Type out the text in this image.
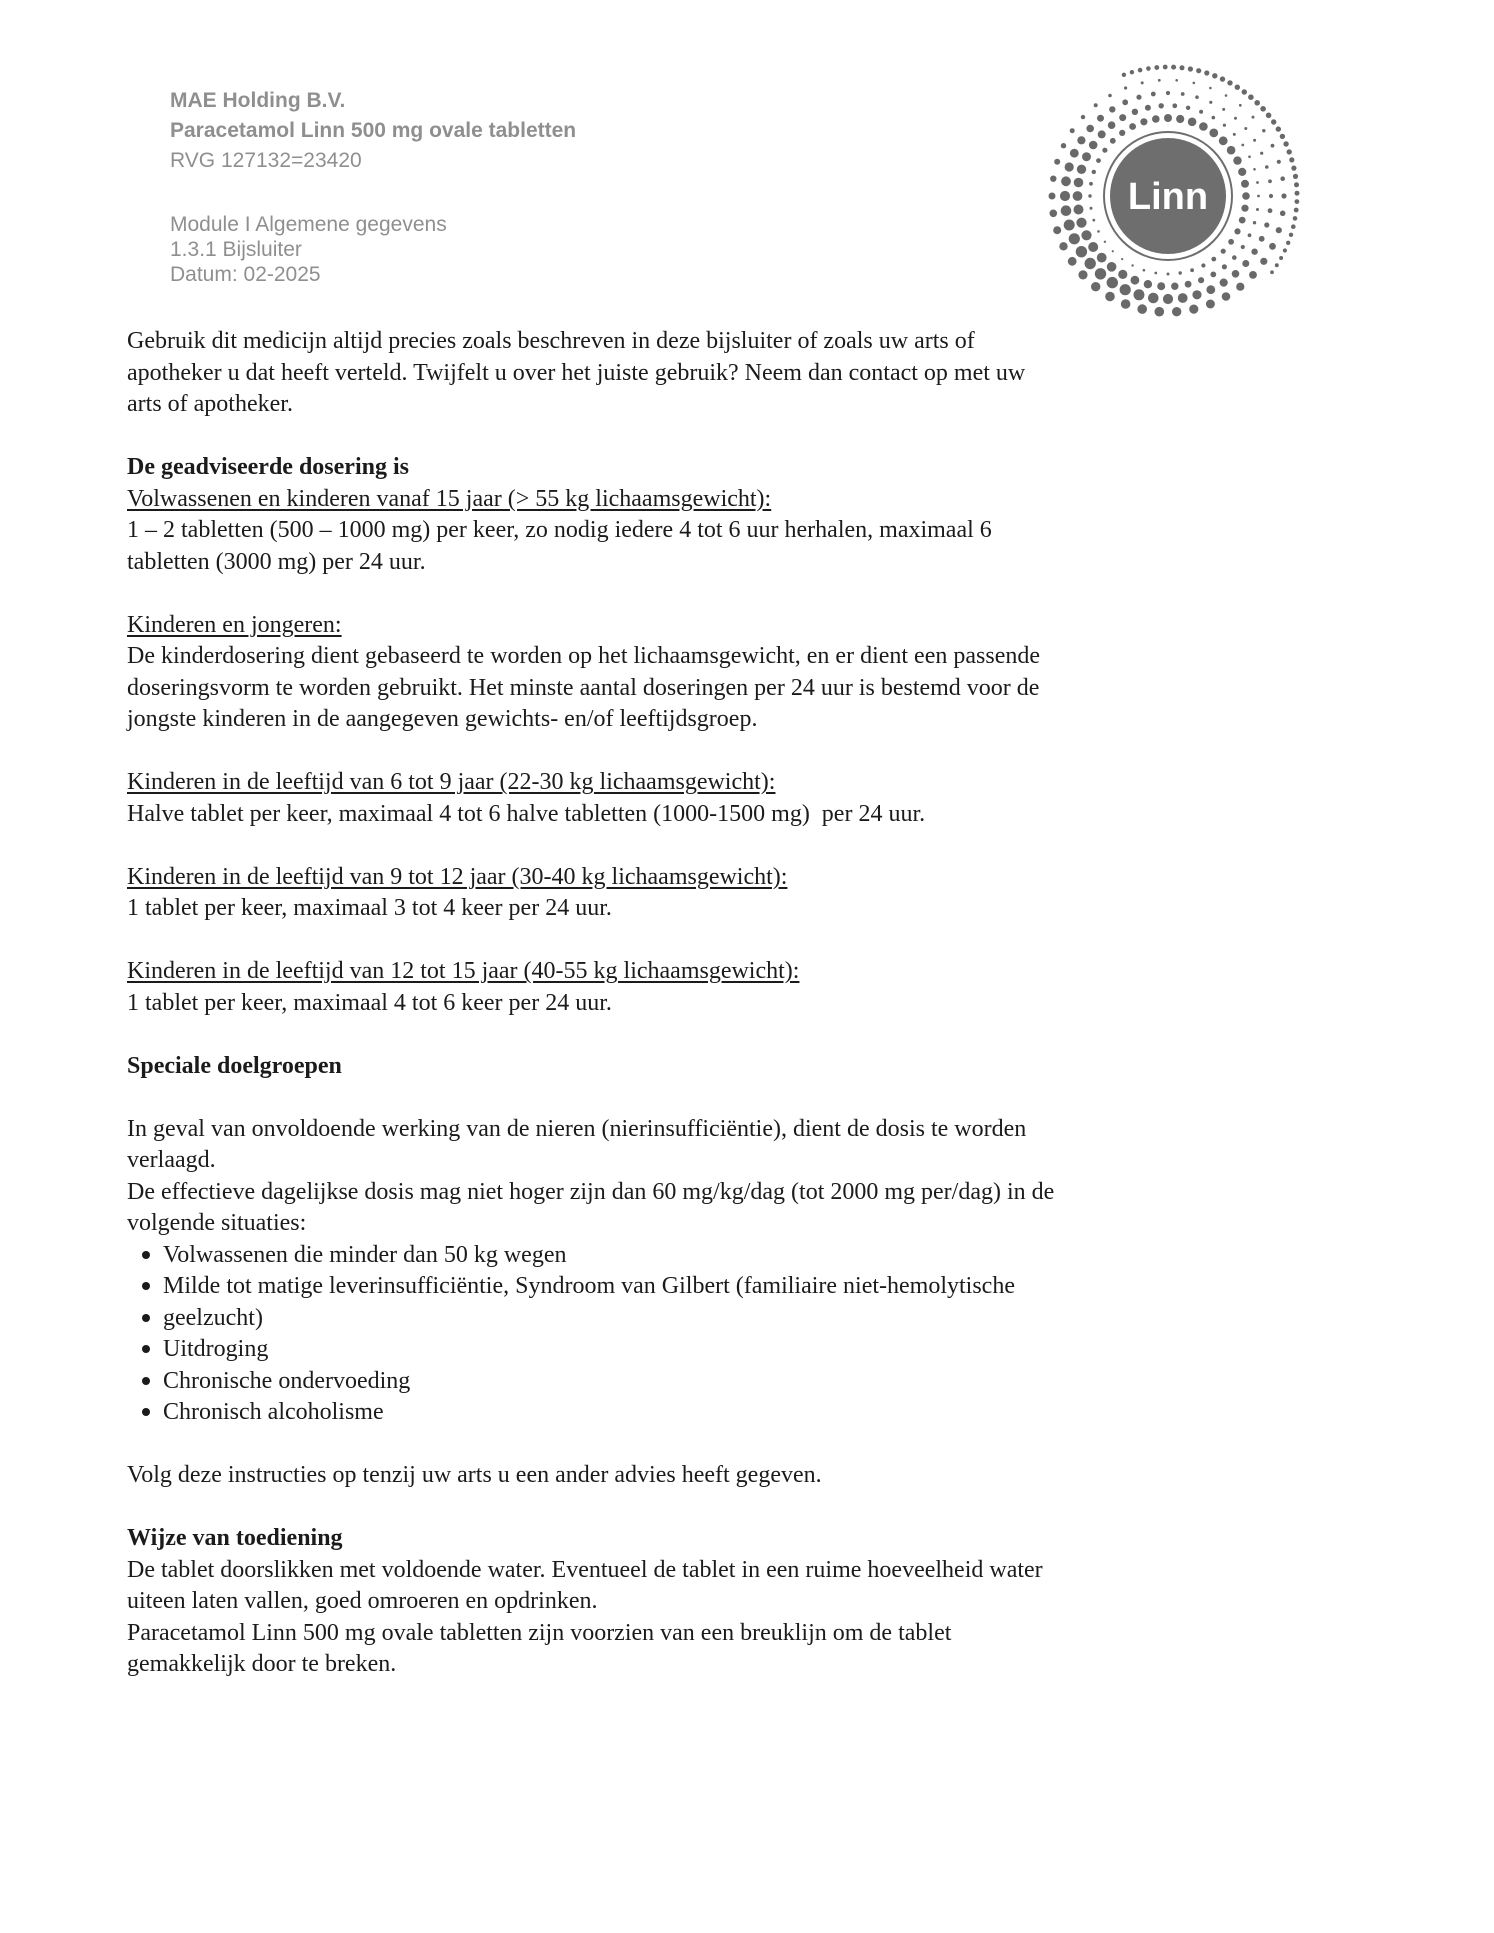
MAE Holding B.V.
Paracetamol Linn 500 mg ovale tabletten
RVG 127132=23420
Module I Algemene gegevens
1.3.1 Bijsluiter
Datum: 02-2025
Linn
Gebruik dit medicijn altijd precies zoals beschreven in deze bijsluiter of zoals uw arts of
apotheker u dat heeft verteld. Twijfelt u over het juiste gebruik? Neem dan contact op met uw
arts of apotheker.
De geadviseerde dosering is
Volwassenen en kinderen vanaf 15 jaar (> 55 kg lichaamsgewicht):
1 – 2 tabletten (500 – 1000 mg) per keer, zo nodig iedere 4 tot 6 uur herhalen, maximaal 6
tabletten (3000 mg) per 24 uur.
Kinderen en jongeren:
De kinderdosering dient gebaseerd te worden op het lichaamsgewicht, en er dient een passende
doseringsvorm te worden gebruikt. Het minste aantal doseringen per 24 uur is bestemd voor de
jongste kinderen in de aangegeven gewichts- en/of leeftijdsgroep.
Kinderen in de leeftijd van 6 tot 9 jaar (22-30 kg lichaamsgewicht):
Halve tablet per keer, maximaal 4 tot 6 halve tabletten (1000-1500 mg)  per 24 uur.
Kinderen in de leeftijd van 9 tot 12 jaar (30-40 kg lichaamsgewicht):
1 tablet per keer, maximaal 3 tot 4 keer per 24 uur.
Kinderen in de leeftijd van 12 tot 15 jaar (40-55 kg lichaamsgewicht):
1 tablet per keer, maximaal 4 tot 6 keer per 24 uur.
Speciale doelgroepen
In geval van onvoldoende werking van de nieren (nierinsufficiëntie), dient de dosis te worden
verlaagd.
De effectieve dagelijkse dosis mag niet hoger zijn dan 60 mg/kg/dag (tot 2000 mg per/dag) in de
volgende situaties:
Volwassenen die minder dan 50 kg wegen
Milde tot matige leverinsufficiëntie, Syndroom van Gilbert (familiaire niet-hemolytische
geelzucht)
Uitdroging
Chronische ondervoeding
Chronisch alcoholisme
Volg deze instructies op tenzij uw arts u een ander advies heeft gegeven.
Wijze van toediening
De tablet doorslikken met voldoende water. Eventueel de tablet in een ruime hoeveelheid water
uiteen laten vallen, goed omroeren en opdrinken.
Paracetamol Linn 500 mg ovale tabletten zijn voorzien van een breuklijn om de tablet
gemakkelijk door te breken.
